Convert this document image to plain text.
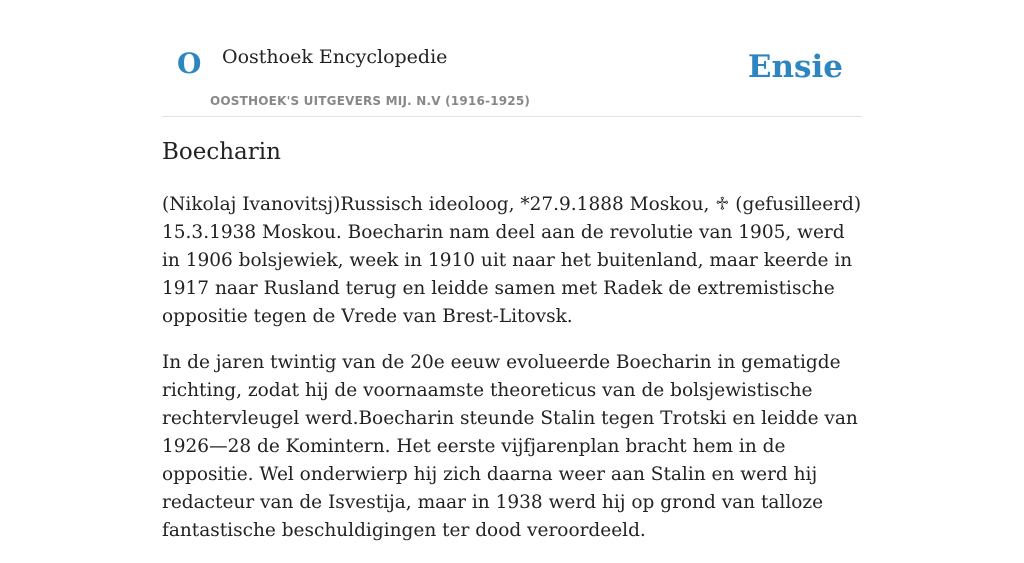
O Oosthoek Encyclopedie
OOSTHOEK'S UITGEVERS MIJ. N.V (1916-1925)
Ensie
Boecharin

(Nikolaj Ivanovitsj)Russisch ideoloog, *27.9.1888 Moskou, ♱ (gefusilleerd) 15.3.1938 Moskou. Boecharin nam deel aan de revolutie van 1905, werd in 1906 bolsjewiek, week in 1910 uit naar het buitenland, maar keerde in 1917 naar Rusland terug en leidde samen met Radek de extremistische oppositie tegen de Vrede van Brest-Litovsk.

In de jaren twintig van de 20e eeuw evolueerde Boecharin in gematigde richting, zodat hij de voornaamste theoreticus van de bolsjewistische rechtervleugel werd.Boecharin steunde Stalin tegen Trotski en leidde van 1926—28 de Komintern. Het eerste vijfjarenplan bracht hem in de oppositie. Wel onderwierp hij zich daarna weer aan Stalin en werd hij redacteur van de Isvestija, maar in 1938 werd hij op grond van talloze fantastische beschuldigingen ter dood veroordeeld.
